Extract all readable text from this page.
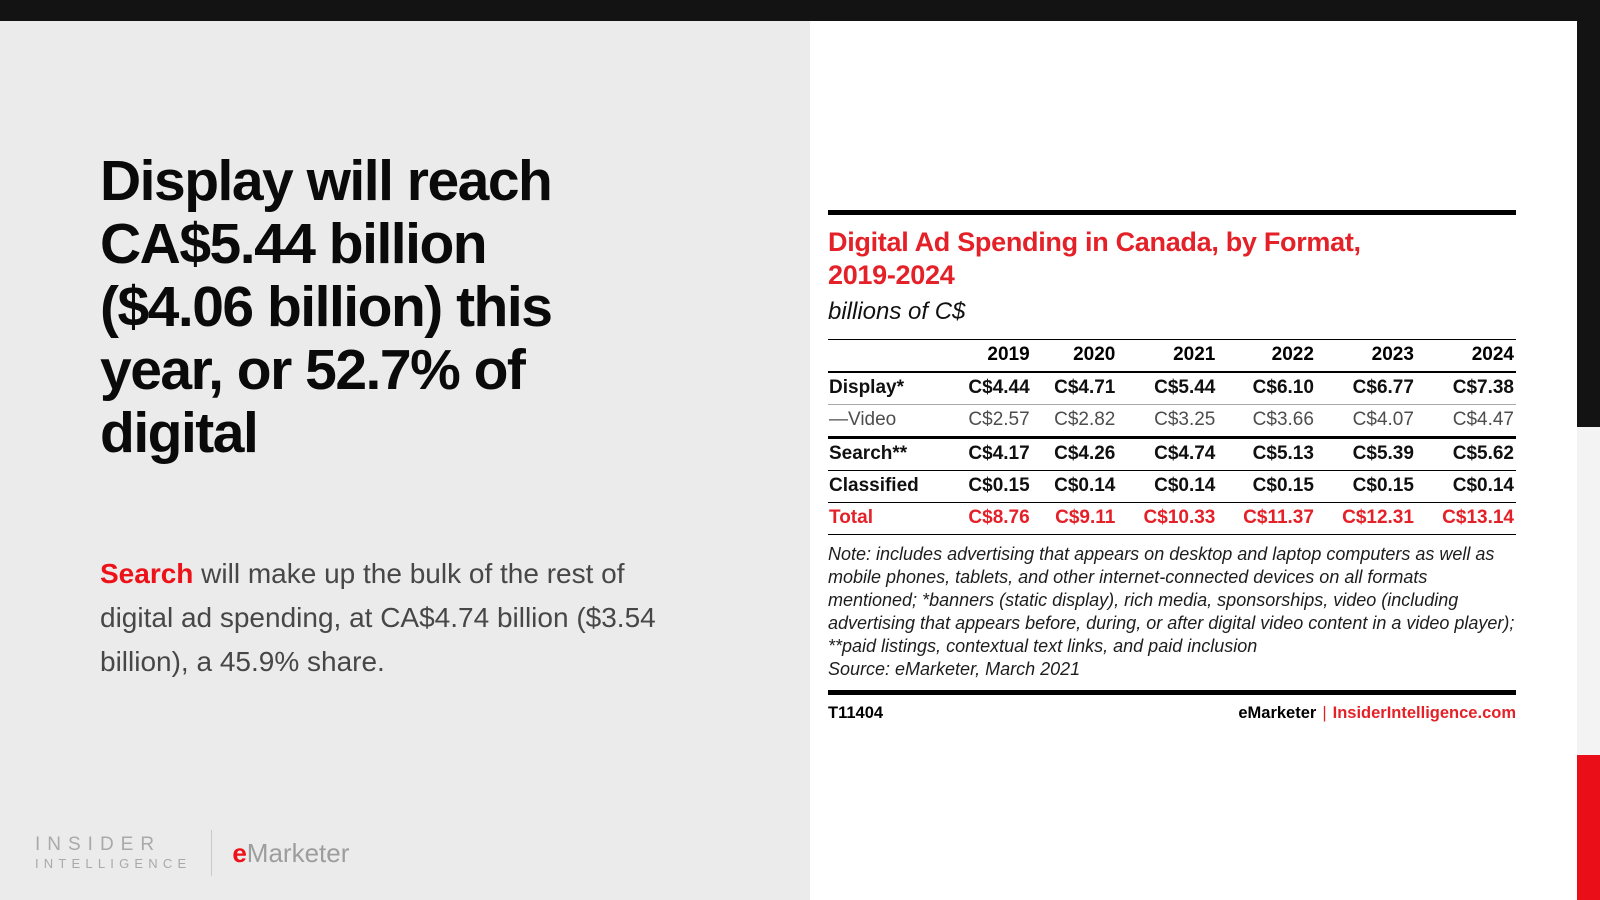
Display will reach
CA$5.44 billion
($4.06 billion) this
year, or 52.7% of
digital
Search will make up the bulk of the rest of
digital ad spending, at CA$4.74 billion ($3.54
billion), a 45.9% share.
INSIDER
INTELLIGENCE eMarketer
Digital Ad Spending in Canada, by Format,
2019-2024
billions of C$
	2019	2020	2021	2022	2023	2024
Display*	C$4.44	C$4.71	C$5.44	C$6.10	C$6.77	C$7.38
—Video	C$2.57	C$2.82	C$3.25	C$3.66	C$4.07	C$4.47
Search**	C$4.17	C$4.26	C$4.74	C$5.13	C$5.39	C$5.62
Classified	C$0.15	C$0.14	C$0.14	C$0.15	C$0.15	C$0.14
Total	C$8.76	C$9.11	C$10.33	C$11.37	C$12.31	C$13.14
Note: includes advertising that appears on desktop and laptop computers as well as mobile phones, tablets, and other internet-connected devices on all formats mentioned; *banners (static display), rich media, sponsorships, video (including advertising that appears before, during, or after digital video content in a video player); **paid listings, contextual text links, and paid inclusion
Source: eMarketer, March 2021
T11404	eMarketer | InsiderIntelligence.com
